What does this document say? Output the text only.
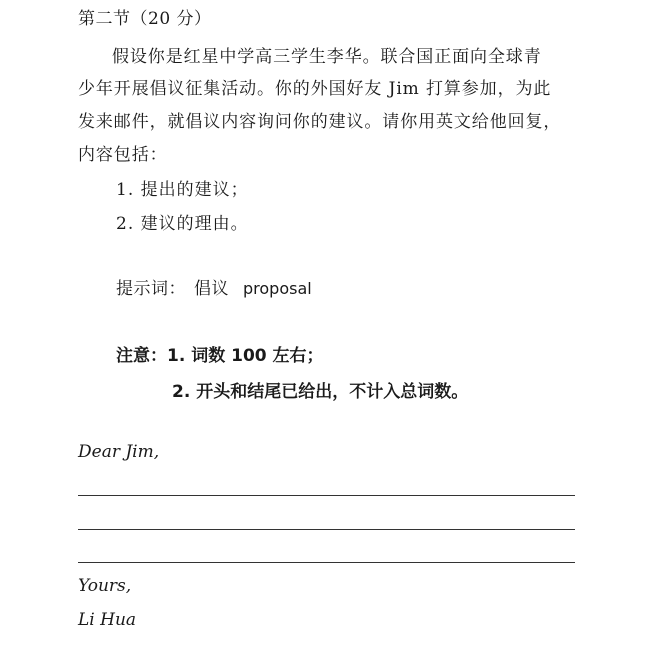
第二节（20 分）
假设你是红星中学高三学生李华。联合国正面向全球青
少年开展倡议征集活动。你的外国好友 Jim 打算参加，为此
发来邮件，就倡议内容询问你的建议。请你用英文给他回复，
内容包括：
1. 提出的建议；
2. 建议的理由。
提示词： 倡议 proposal
注意：1. 词数 100 左右；
2. 开头和结尾已给出，不计入总词数。
Dear Jim,
Yours,
Li Hua
